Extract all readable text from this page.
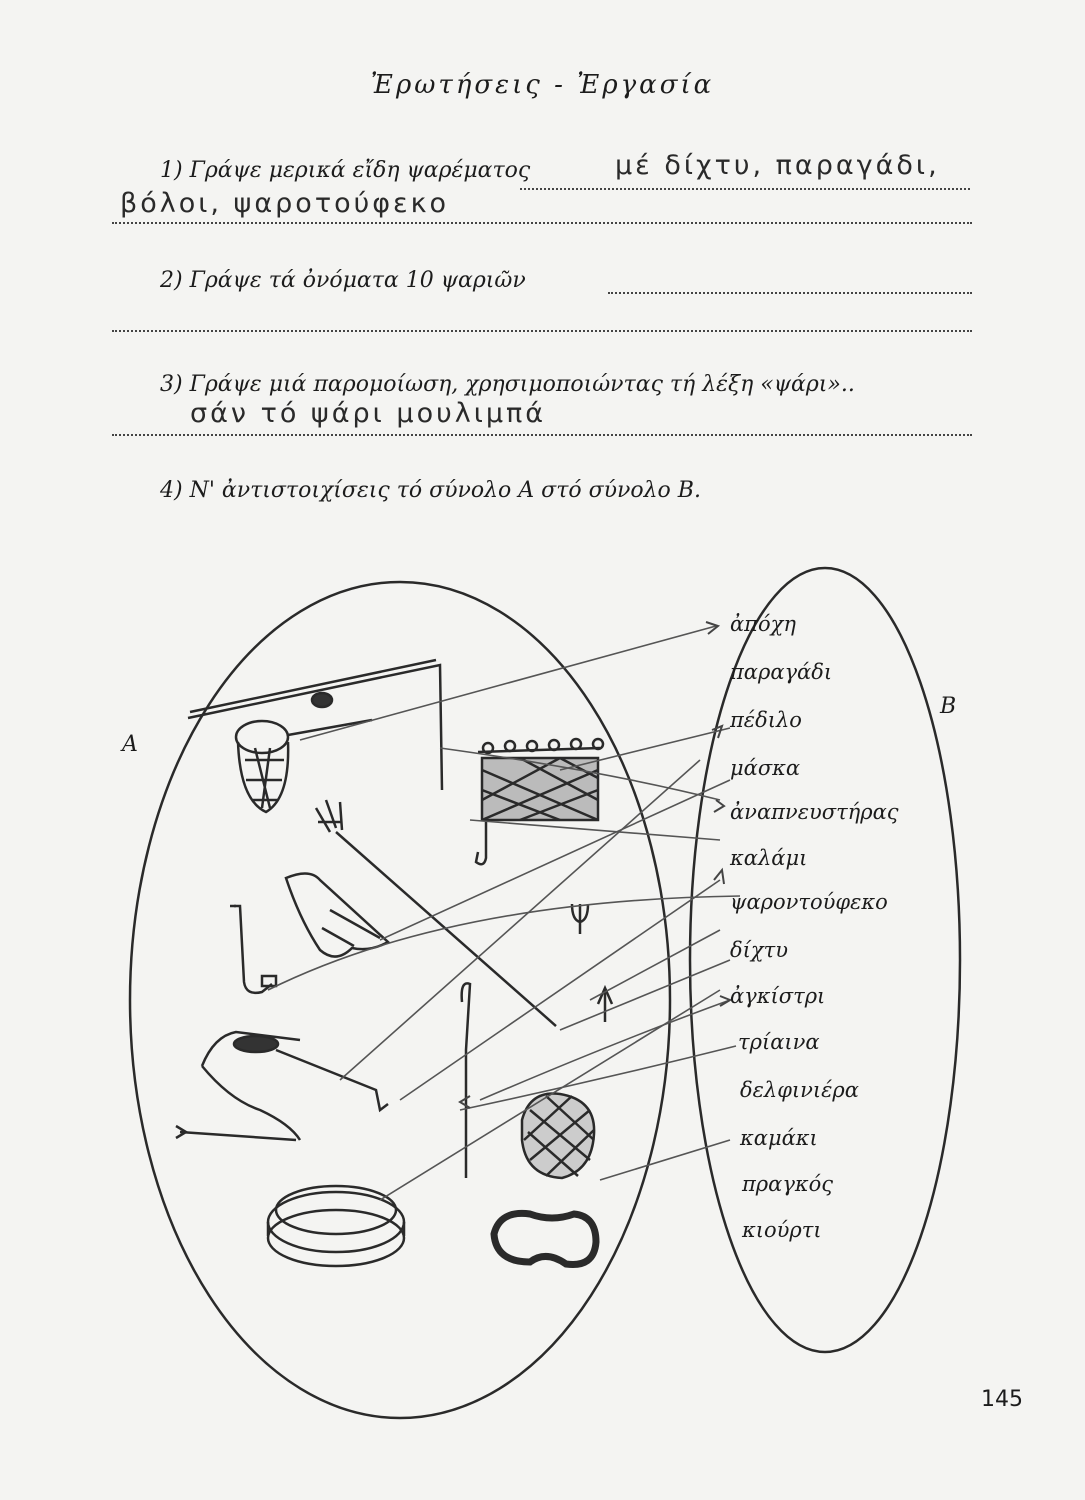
Ἐρωτήσεις - Ἐργασία
1) Γράψε μερικά εἴδη ψαρέματος	μέ δίχτυ, παραγάδι,
βόλοι, ψαροτούφεκο
2) Γράψε τά ὀνόματα 10 ψαριῶν
3) Γράψε μιά παρομοίωση, χρησιμοποιώντας τή λέξη «ψάρι»..
σάν τό ψάρι μουλιμπά
4) Ν' ἀντιστοιχίσεις τό σύνολο Α στό σύνολο Β.
A
B
ἀπόχη
παραγάδι
πέδιλο
μάσκα
ἀναπνευστήρας
καλάμι
ψαροντούφεκο
δίχτυ
ἀγκίστρι
τρίαινα
δελφινιέρα
καμάκι
πραγκός
κιούρτι
145
